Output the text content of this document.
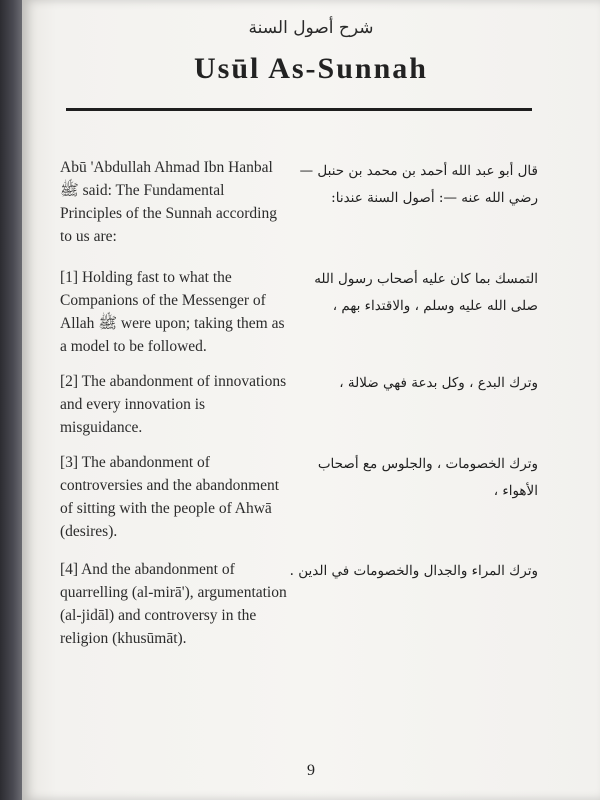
شرح أصول السنة
Usūl As-Sunnah
Abū 'Abdullah Ahmad Ibn Hanbal ﷺ said: The Fundamental Principles of the Sunnah according to us are:
قال أبو عبد الله أحمد بن محمد بن حنبل — رضي الله عنه —: أصول السنة عندنا:
[1] Holding fast to what the Companions of the Messenger of Allah ﷺ were upon; taking them as a model to be followed.
التمسك بما كان عليه أصحاب رسول الله صلى الله عليه وسلم ، والاقتداء بهم ،
[2] The abandonment of innovations and every innovation is misguidance.
وترك البدع ، وكل بدعة فهي ضلالة ،
[3] The abandonment of controversies and the abandonment of sitting with the people of Ahwā (desires).
وترك الخصومات ، والجلوس مع أصحاب الأهواء ،
[4] And the abandonment of quarrelling (al-mirā'), argumentation (al-jidāl) and controversy in the religion (khusūmāt).
وترك المراء والجدال والخصومات في الدين .
9
